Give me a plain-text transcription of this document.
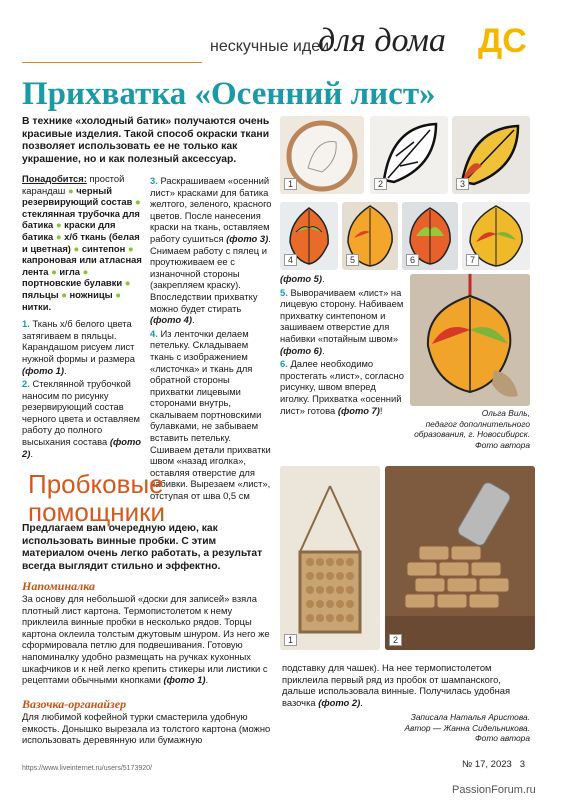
нескучные идеи
для дома ДС
Прихватка «Осенний лист»
В технике «холодный батик» получаются очень красивые изделия. Такой способ окраски ткани позволяет использовать ее не только как украшение, но и как полезный аксессуар.

Понадобится: простой карандаш ● черный резервирующий состав ● стеклянная трубочка для батика ● краски для батика ● х/б ткань (белая и цветная) ● синтепон ● капроновая или атласная лента ● игла ● портновские булавки ● пяльцы ● ножницы ● нитки.

1. Ткань х/б белого цвета затягиваем в пяльцы. Карандашом рисуем лист нужной формы и размера (фото 1).

2. Стеклянной трубочкой наносим по рисунку резервирующий состав черного цвета и оставляем работу до полного высыхания состава (фото 2).

3. Раскрашиваем «осенний лист» красками для батика желтого, зеленого, красного цветов. После нанесения краски на ткань, оставляем работу сушиться (фото 3). Снимаем работу с пялец и проутюживаем ее с изнаночной стороны (закрепляем краску). Впоследствии прихватку можно будет стирать (фото 4).

4. Из ленточки делаем петельку. Складываем ткань с изображением «листочка» и ткань для обратной стороны прихватки лицевыми сторонами внутрь, скалываем портновскими булавками, не забываем вставить петельку. Сшиваем детали прихватки швом «назад иголка», оставляя отверстие для набивки. Вырезаем «лист», отступая от шва 0,5 см

(фото 5).

5. Выворачиваем «лист» на лицевую сторону. Набиваем прихватку синтепоном и зашиваем отверстие для набивки «потайным швом» (фото 6).

6. Далее необходимо простегать «лист», согласно рисунку, швом вперед иголку. Прихватка «осенний лист» готова (фото 7)!

1	2	3
4	5	6	7
Ольга Виль,
педагог дополнительного образования, г. Новосибирск.
Фото автора
Пробковые
помощники
Предлагаем вам очередную идею, как использовать винные пробки. С этим материалом очень легко работать, а результат всегда выглядит стильно и эффектно.
Напоминалка
За основу для небольшой «доски для записей» взяла плотный лист картона. Термопистолетом к нему приклеила винные пробки в несколько рядов. Торцы картона оклеила толстым джутовым шнуром. Из него же сформировала петлю для подвешивания. Готовую напоминалку удобно размещать на ручках кухонных шкафчиков и к ней легко крепить стикеры или листики с рецептами обычными кнопками (фото 1).
Вазочка-органайзер
Для любимой кофейной турки смастерила удобную емкость. Донышко вырезала из толстого картона (можно использовать деревянную или бумажную
подставку для чашек). На нее термопистолетом приклеила первый ряд из пробок от шампанского, дальше использовала винные. Получилась удобная вазочка (фото 2).
1	2
Записала Наталья Аристова.
Автор — Жанна Сидельникова.
Фото автора
https://www.liveinternet.ru/users/5173920/	№ 17, 2023 3
PassionForum.ru
